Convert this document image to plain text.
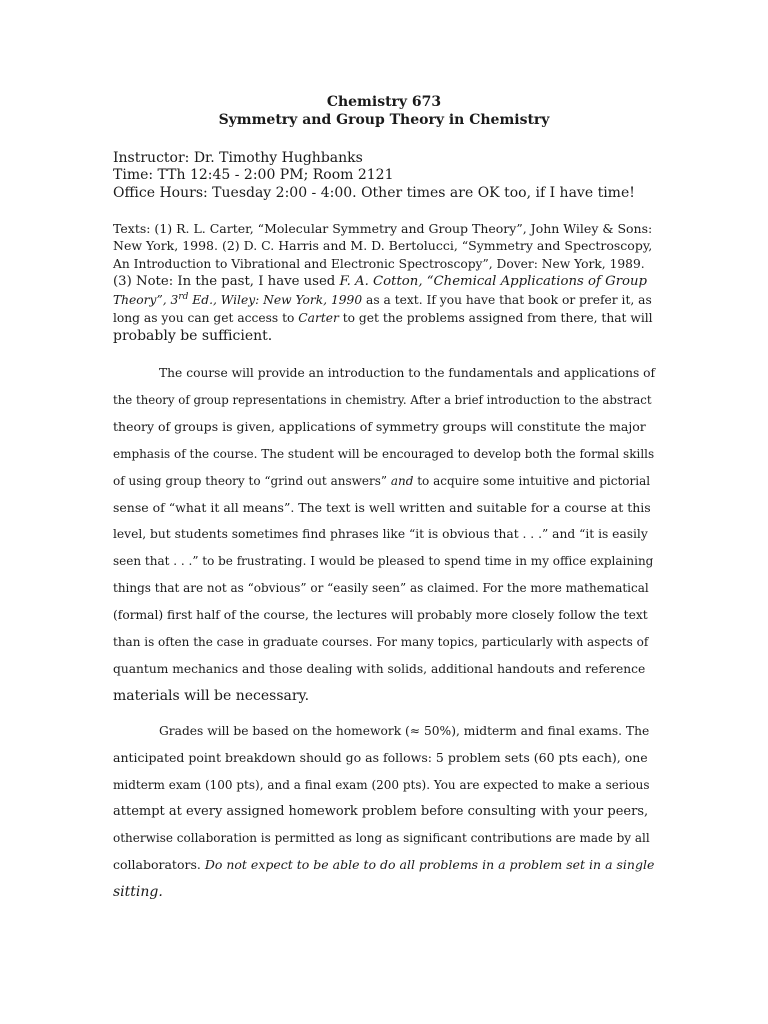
Chemistry 673
Symmetry and Group Theory in Chemistry
Instructor: Dr. Timothy Hughbanks
Time: TTh 12:45 - 2:00 PM; Room 2121
Office Hours: Tuesday 2:00 - 4:00. Other times are OK too, if I have time!
Texts: (1) R. L. Carter, “Molecular Symmetry and Group Theory”, John Wiley & Sons:
New York, 1998. (2) D. C. Harris and M. D. Bertolucci, “Symmetry and Spectroscopy,
An Introduction to Vibrational and Electronic Spectroscopy”, Dover: New York, 1989.
(3) Note: In the past, I have used F. A. Cotton, “Chemical Applications of Group
Theory”, 3rd Ed., Wiley: New York, 1990 as a text. If you have that book or prefer it, as
long as you can get access to Carter to get the problems assigned from there, that will
probably be sufficient.
The course will provide an introduction to the fundamentals and applications of
the theory of group representations in chemistry. After a brief introduction to the abstract
theory of groups is given, applications of symmetry groups will constitute the major
emphasis of the course. The student will be encouraged to develop both the formal skills
of using group theory to “grind out answers” and to acquire some intuitive and pictorial
sense of “what it all means”. The text is well written and suitable for a course at this
level, but students sometimes find phrases like “it is obvious that . . .” and “it is easily
seen that . . .” to be frustrating. I would be pleased to spend time in my office explaining
things that are not as “obvious” or “easily seen” as claimed. For the more mathematical
(formal) first half of the course, the lectures will probably more closely follow the text
than is often the case in graduate courses. For many topics, particularly with aspects of
quantum mechanics and those dealing with solids, additional handouts and reference
materials will be necessary.
Grades will be based on the homework (≈ 50%), midterm and final exams. The
anticipated point breakdown should go as follows: 5 problem sets (60 pts each), one
midterm exam (100 pts), and a final exam (200 pts). You are expected to make a serious
attempt at every assigned homework problem before consulting with your peers,
otherwise collaboration is permitted as long as significant contributions are made by all
collaborators. Do not expect to be able to do all problems in a problem set in a single
sitting.
